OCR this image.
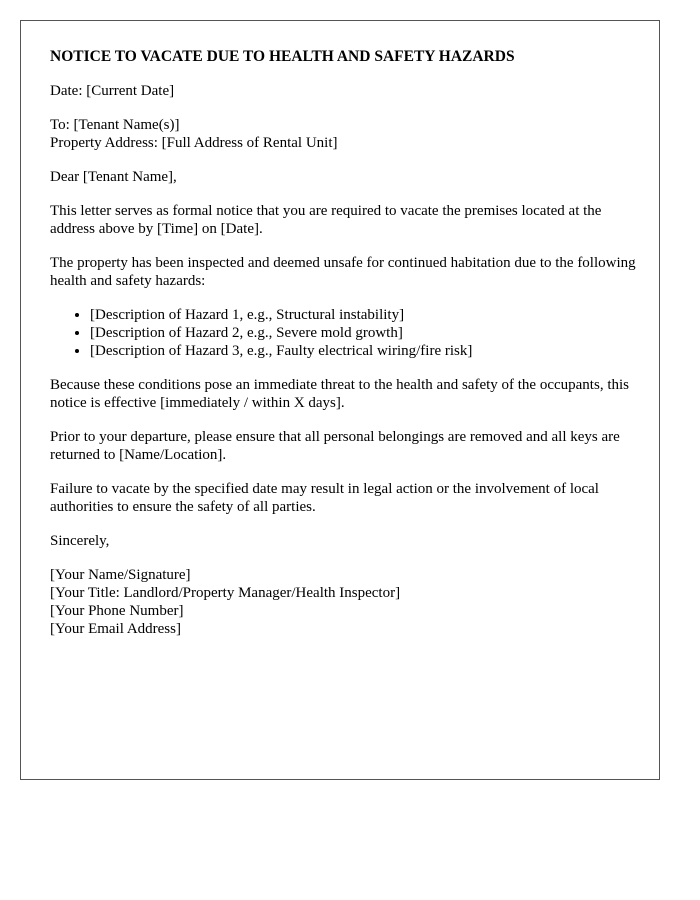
NOTICE TO VACATE DUE TO HEALTH AND SAFETY HAZARDS

Date: [Current Date]

To: [Tenant Name(s)]
Property Address: [Full Address of Rental Unit]

Dear [Tenant Name],

This letter serves as formal notice that you are required to vacate the premises located at the address above by [Time] on [Date].

The property has been inspected and deemed unsafe for continued habitation due to the following health and safety hazards:

• [Description of Hazard 1, e.g., Structural instability]
• [Description of Hazard 2, e.g., Severe mold growth]
• [Description of Hazard 3, e.g., Faulty electrical wiring/fire risk]

Because these conditions pose an immediate threat to the health and safety of the occupants, this notice is effective [immediately / within X days].

Prior to your departure, please ensure that all personal belongings are removed and all keys are returned to [Name/Location].

Failure to vacate by the specified date may result in legal action or the involvement of local authorities to ensure the safety of all parties.

Sincerely,

[Your Name/Signature]
[Your Title: Landlord/Property Manager/Health Inspector]
[Your Phone Number]
[Your Email Address]
